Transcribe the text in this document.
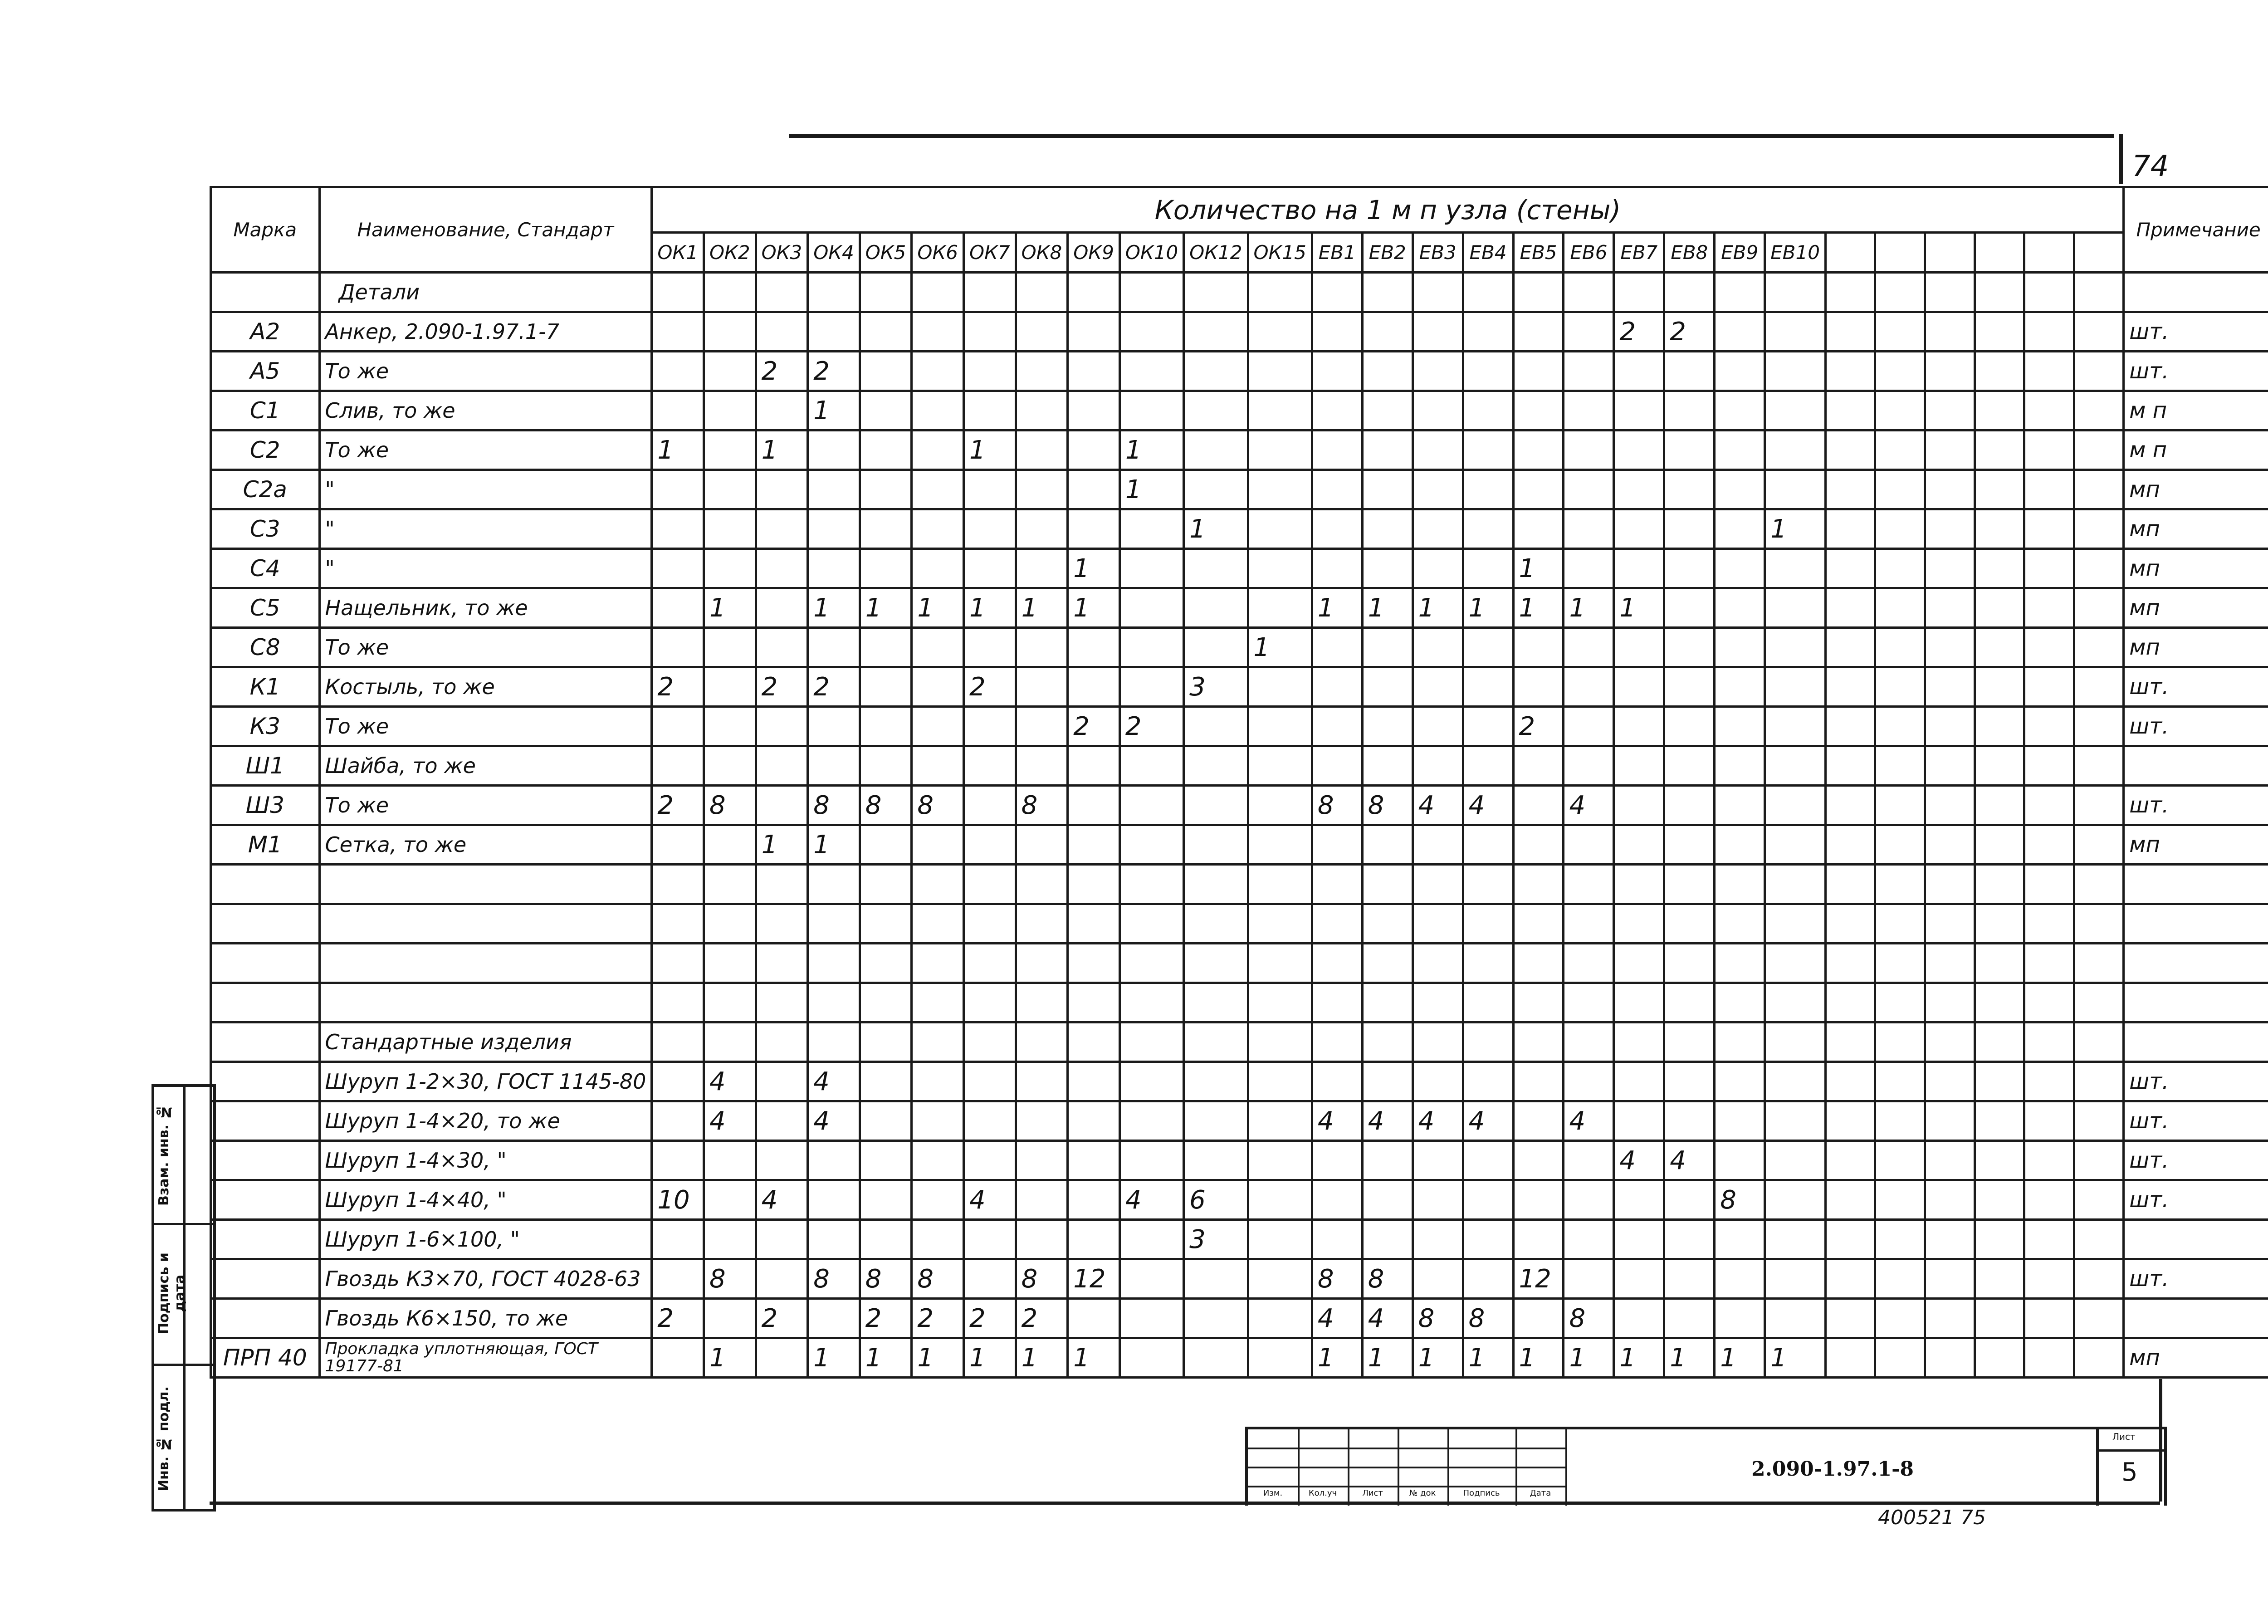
74
Марка	Наименование, Стандарт	Количество на 1 м п узла (стены)																												Примечание
		ОК1	ОК2	ОК3	ОК4	ОК5	ОК6	ОК7	ОК8	ОК9	ОК10	ОК12	ОК15	ЕВ1	ЕВ2	ЕВ3	ЕВ4	ЕВ5	ЕВ6	ЕВ7	ЕВ8	ЕВ9	ЕВ10							
	Детали																													
А2	Анкер, 2.090-1.97.1-7																			2	2									шт.
А5	То же			2	2																									шт.
С1	Слив, то же				1																									м п
С2	То же	1		1				1			1																			м п
С2а	"										1																			мп
С3	"											1											1							мп
С4	"									1								1												мп
С5	Нащельник, то же		1		1	1	1	1	1	1				1	1	1	1	1	1	1										мп
С8	То же												1																	мп
К1	Костыль, то же	2		2	2			2				3																		шт.
К3	То же									2	2							2												шт.
Ш1	Шайба, то же																													
Ш3	То же	2	8		8	8	8		8					8	8	4	4		4											шт.
М1	Сетка, то же			1	1																									мп

	Стандартные изделия																													
	Шуруп 1-2×30, ГОСТ 1145-80		4		4																									шт.
	Шуруп 1-4×20, то же		4		4									4	4	4	4		4											шт.
	Шуруп 1-4×30, "																			4	4									шт.
	Шуруп 1-4×40, "	10		4				4			4	6										8								шт.
	Шуруп 1-6×100, "											3																		
	Гвоздь К3×70, ГОСТ 4028-63		8		8	8	8		8	12				8	8			12												шт.
	Гвоздь К6×150, то же	2		2		2	2	2	2					4	4	8	8		8											
ПРП 40	Прокладка уплотняющая, ГОСТ 19177-81		1		1	1	1	1	1	1				1	1	1	1	1	1	1	1	1	1							мп
Взам. инв. №
Подпись и дата
Инв. № подл.
Изм.	Кол.уч	Лист	№ док	Подпись	Дата
2.090-1.97.1-8
Лист
5
400521 75
